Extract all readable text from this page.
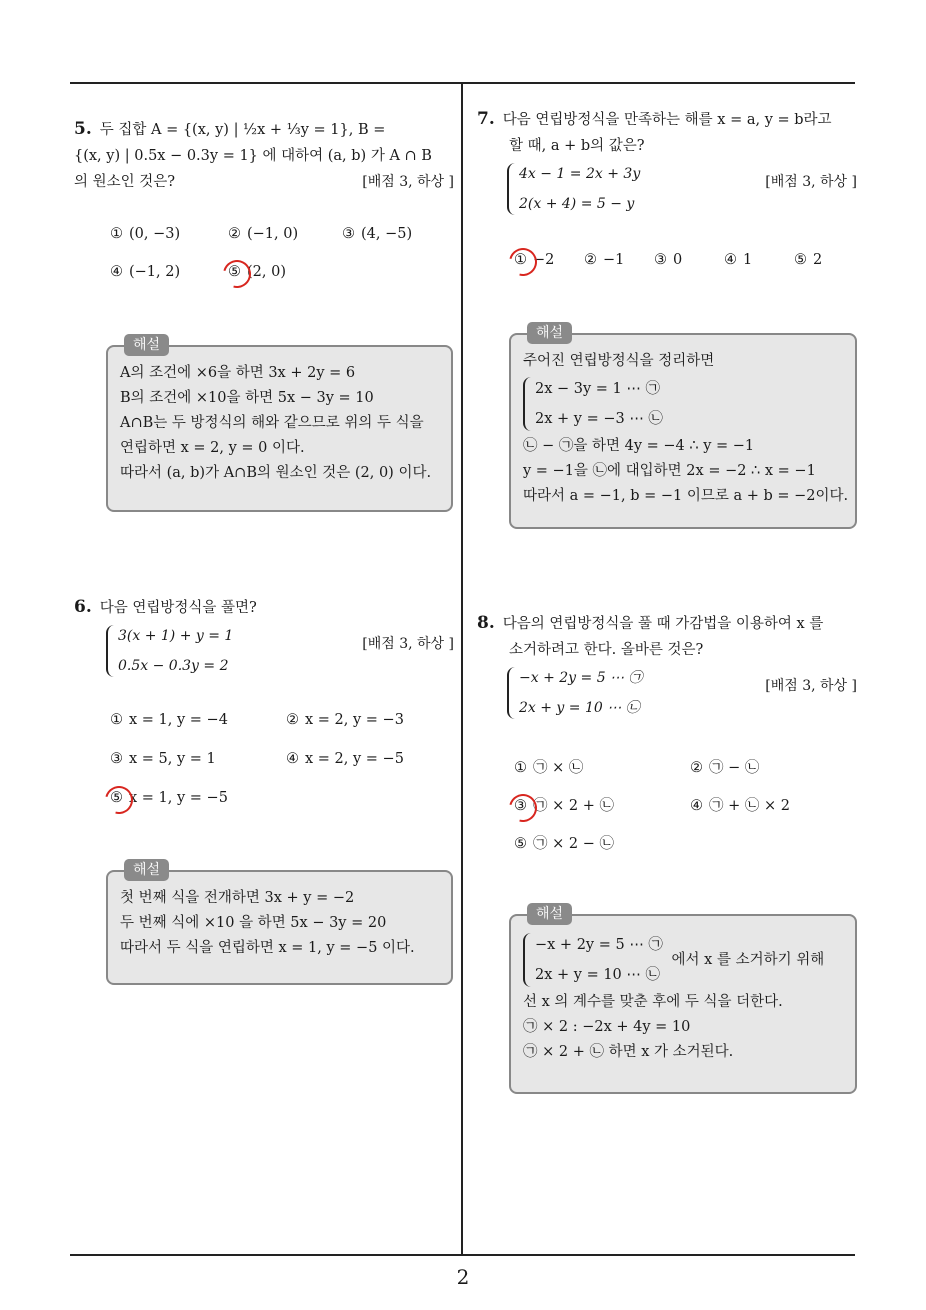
2
5. 두 집합 A = {(x, y) | ½x + ⅓y = 1}, B =
{(x, y) | 0.5x − 0.3y = 1} 에 대하여 (a, b) 가 A ∩ B
의 원소인 것은?	[배점 3, 하상 ]
① (0, −3)	② (−1, 0)	③ (4, −5)
④ (−1, 2)	⑤ (2, 0)
해설
A의 조건에 ×6을 하면 3x + 2y = 6
B의 조건에 ×10을 하면 5x − 3y = 10
A∩B는 두 방정식의 해와 같으므로 위의 두 식을
연립하면 x = 2, y = 0 이다.
따라서 (a, b)가 A∩B의 원소인 것은 (2, 0) 이다.
6. 다음 연립방정식을 풀면?
3(x + 1) + y = 1
0.5x − 0.3y = 2
[배점 3, 하상 ]
① x = 1, y = −4	② x = 2, y = −3
③ x = 5, y = 1	④ x = 2, y = −5
⑤ x = 1, y = −5
해설
첫 번째 식을 전개하면 3x + y = −2
두 번째 식에 ×10 을 하면 5x − 3y = 20
따라서 두 식을 연립하면 x = 1, y = −5 이다.
7. 다음 연립방정식을 만족하는 해를 x = a, y = b라고
할 때, a + b의 값은?
4x − 1 = 2x + 3y
2(x + 4) = 5 − y
[배점 3, 하상 ]
① −2 ② −1 ③ 0	④ 1	⑤ 2
해설
주어진 연립방정식을 정리하면
2x − 3y = 1 ⋯ ㉠
2x + y = −3 ⋯ ㉡
㉡ − ㉠을 하면 4y = −4 ∴ y = −1
y = −1을 ㉡에 대입하면 2x = −2 ∴ x = −1
따라서 a = −1, b = −1 이므로 a + b = −2이다.
8. 다음의 연립방정식을 풀 때 가감법을 이용하여 x 를
소거하려고 한다. 올바른 것은?
−x + 2y = 5 ⋯ ㉠
2x + y = 10 ⋯ ㉡
[배점 3, 하상 ]
① ㉠ × ㉡	② ㉠ − ㉡
③ ㉠ × 2 + ㉡	④ ㉠ + ㉡ × 2
⑤ ㉠ × 2 − ㉡
해설
−x + 2y = 5 ⋯ ㉠
2x + y = 10 ⋯ ㉡
에서 x 를 소거하기 위해
선 x 의 계수를 맞춘 후에 두 식을 더한다.
㉠ × 2 : −2x + 4y = 10
㉠ × 2 + ㉡ 하면 x 가 소거된다.
